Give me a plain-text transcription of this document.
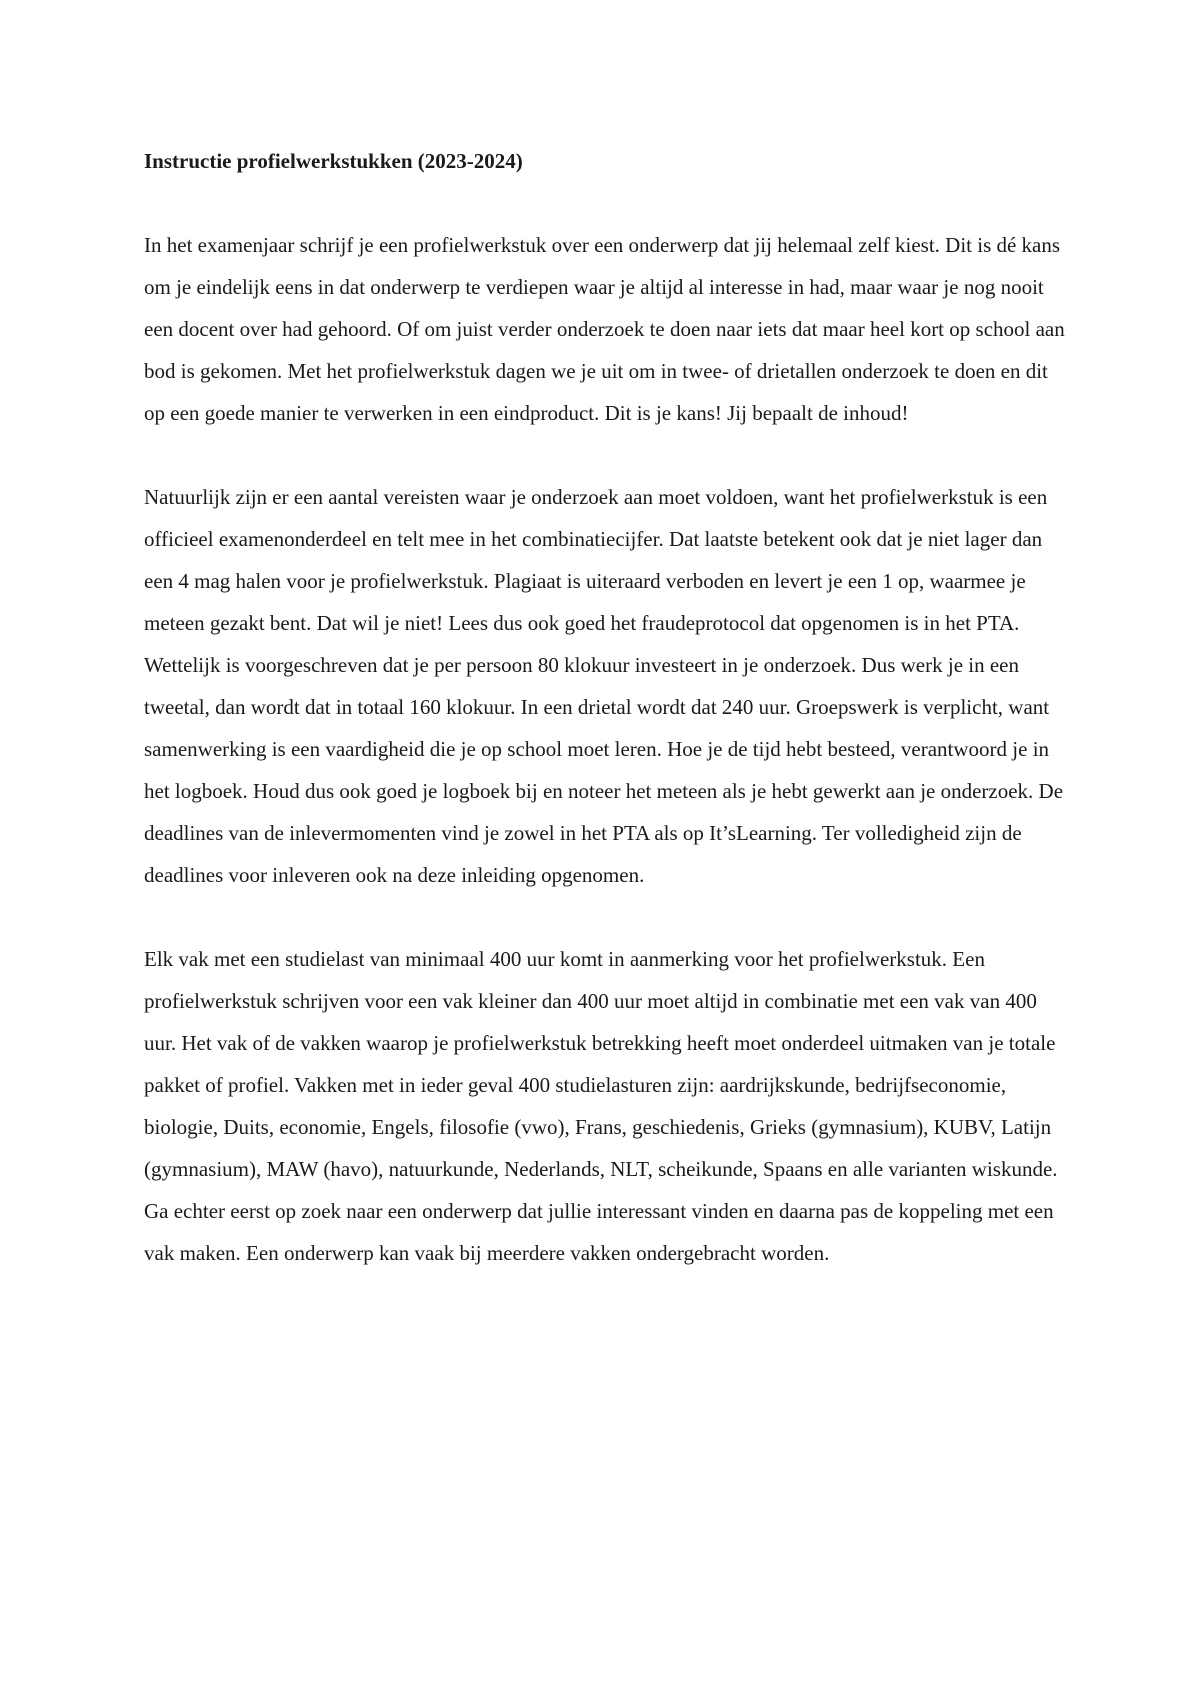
Instructie profielwerkstukken (2023-2024)

In het examenjaar schrijf je een profielwerkstuk over een onderwerp dat jij helemaal zelf kiest. Dit is dé kans om je eindelijk eens in dat onderwerp te verdiepen waar je altijd al interesse in had, maar waar je nog nooit een docent over had gehoord. Of om juist verder onderzoek te doen naar iets dat maar heel kort op school aan bod is gekomen. Met het profielwerkstuk dagen we je uit om in twee- of drietallen onderzoek te doen en dit op een goede manier te verwerken in een eindproduct. Dit is je kans! Jij bepaalt de inhoud!

Natuurlijk zijn er een aantal vereisten waar je onderzoek aan moet voldoen, want het profielwerkstuk is een officieel examenonderdeel en telt mee in het combinatiecijfer. Dat laatste betekent ook dat je niet lager dan een 4 mag halen voor je profielwerkstuk. Plagiaat is uiteraard verboden en levert je een 1 op, waarmee je meteen gezakt bent. Dat wil je niet! Lees dus ook goed het fraudeprotocol dat opgenomen is in het PTA. Wettelijk is voorgeschreven dat je per persoon 80 klokuur investeert in je onderzoek. Dus werk je in een tweetal, dan wordt dat in totaal 160 klokuur. In een drietal wordt dat 240 uur. Groepswerk is verplicht, want samenwerking is een vaardigheid die je op school moet leren. Hoe je de tijd hebt besteed, verantwoord je in het logboek. Houd dus ook goed je logboek bij en noteer het meteen als je hebt gewerkt aan je onderzoek. De deadlines van de inlevermomenten vind je zowel in het PTA als op It’sLearning. Ter volledigheid zijn de deadlines voor inleveren ook na deze inleiding opgenomen.

Elk vak met een studielast van minimaal 400 uur komt in aanmerking voor het profielwerkstuk. Een profielwerkstuk schrijven voor een vak kleiner dan 400 uur moet altijd in combinatie met een vak van 400 uur. Het vak of de vakken waarop je profielwerkstuk betrekking heeft moet onderdeel uitmaken van je totale pakket of profiel. Vakken met in ieder geval 400 studielasturen zijn: aardrijkskunde, bedrijfseconomie, biologie, Duits, economie, Engels, filosofie (vwo), Frans, geschiedenis, Grieks (gymnasium), KUBV, Latijn (gymnasium), MAW (havo), natuurkunde, Nederlands, NLT, scheikunde, Spaans en alle varianten wiskunde. Ga echter eerst op zoek naar een onderwerp dat jullie interessant vinden en daarna pas de koppeling met een vak maken. Een onderwerp kan vaak bij meerdere vakken ondergebracht worden.
